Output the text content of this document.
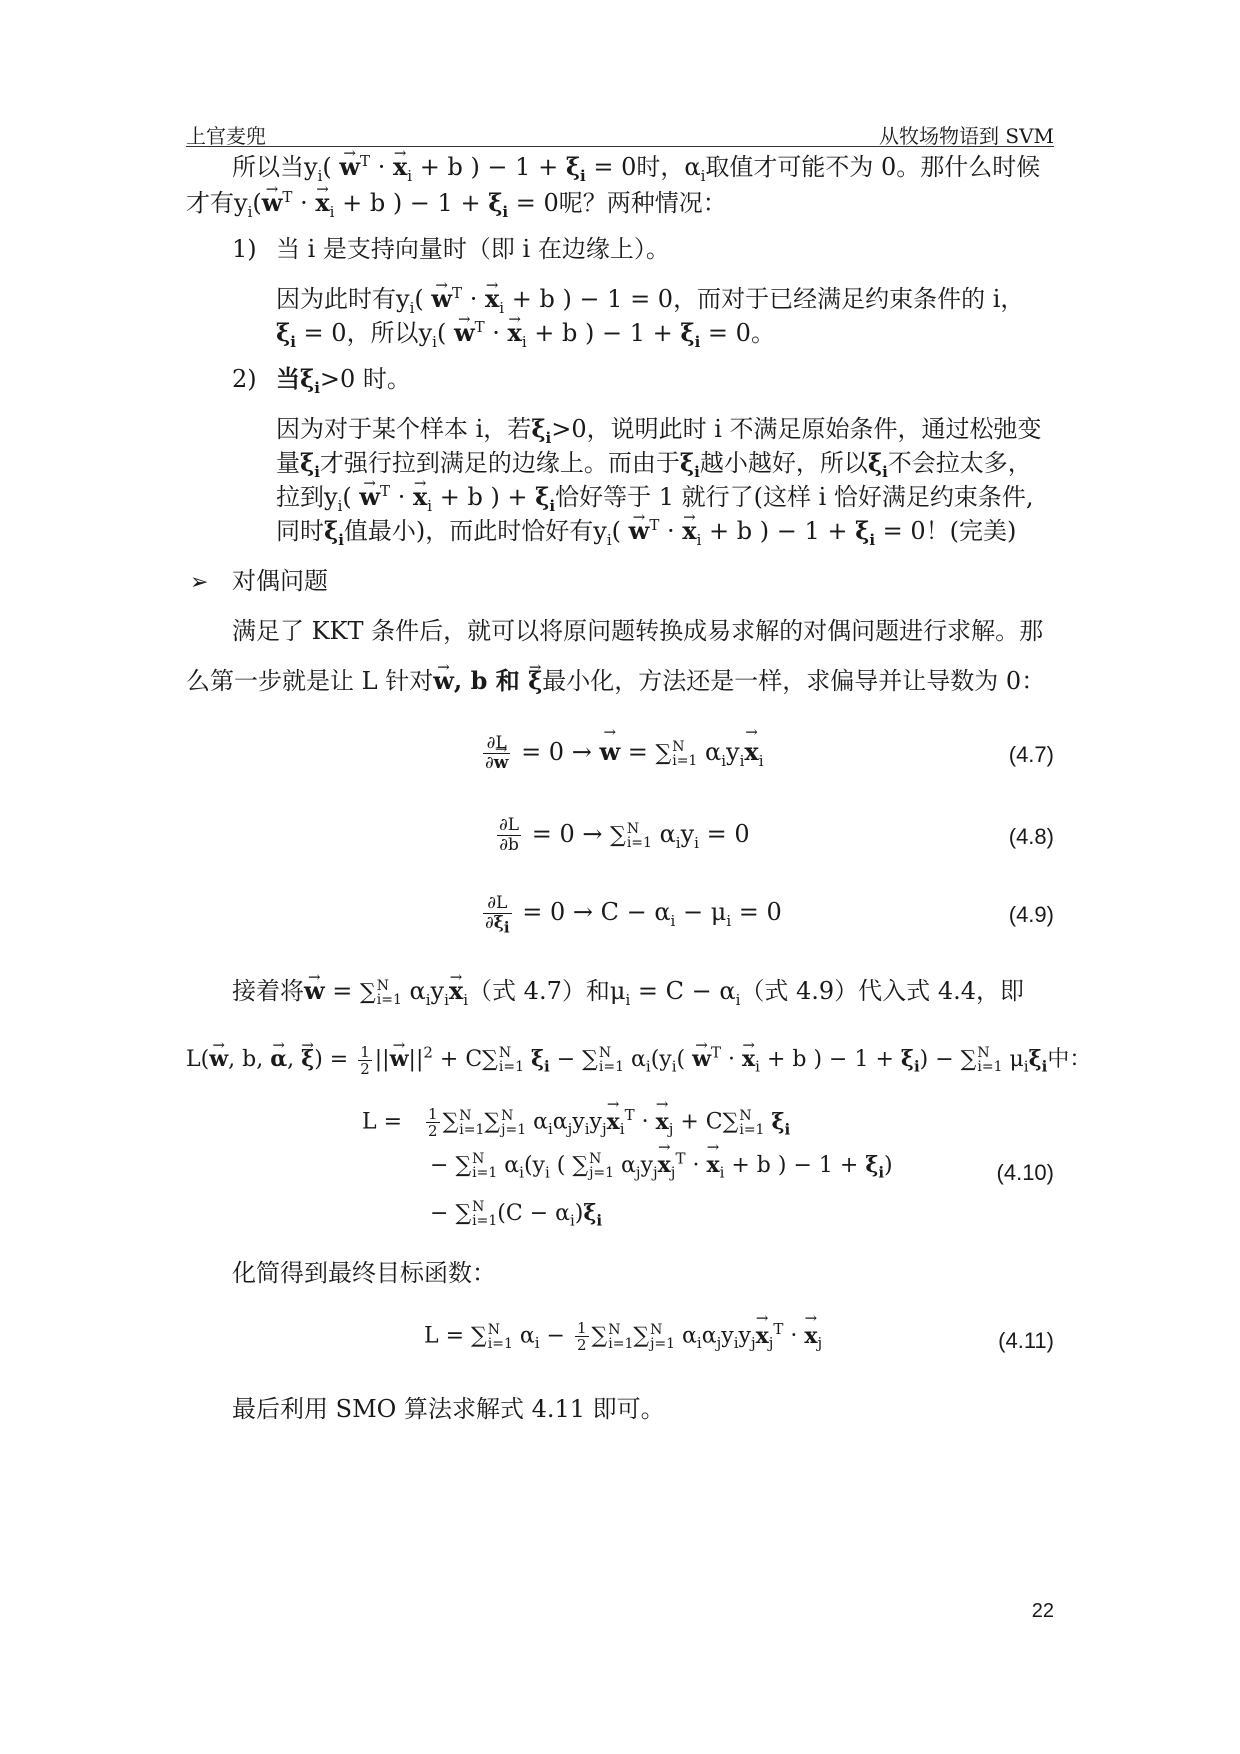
上官麦兜	从牧场物语到 SVM
所以当$y_i( \to w^T$ · → $x_i + b$ ) − $1 + \xi_i = 0$时，$\alpha_i$取值才可能不为 0。那什么时候
才有$y_i(\to w^T$ · → $x_i + b$ ) − $1 + \xi_i = 0$呢？两种情况：
1) 当 i 是支持向量时（即 i 在边缘上）。
因为此时有$y_i( \to w^T$ · → $x_i + b$ ) − 1 = 0，而对于已经满足约束条件的 i，
$\xi_i = 0$，所以$y_i( \to w^T$ · → $x_i + b$ ) − $1 + \xi_i = 0$。
2) 当$\xi_i>0$ 时。
因为对于某个样本 i，若$\xi_i>0$，说明此时 i 不满足原始条件，通过松弛变
量$\xi_i$才强行拉到满足的边缘上。而由于$\xi_i$越小越好，所以$\xi_i$不会拉太多，
拉到$y_i( \to w^T$ · → $x_i + b$ ) + $\xi_i$恰好等于 1 就行了(这样 i 恰好满足约束条件,
同时$\xi_i$值最小)，而此时恰好有$y_i( \to w^T$ · → $x_i + b$ ) − $1 + \xi_i = 0$！(完美)
➢ 对偶问题
满足了 KKT 条件后，就可以将原问题转换成易求解的对偶问题进行求解。那
么第一步就是让 L 针对→ w, b 和 → ξ最小化，方法还是一样，求偏导并让导数为 0：
$\frac{\partial L}{\partial\to w} = 0$ → → w = ∑ N
i=1 $\alpha_iy_i\to x_i$	(4.7)
$\frac{\partial L}{\partial b} = 0$ → ∑ N
i=1 $\alpha_iy_i = 0$	(4.8)
$\frac{\partial L}{\partial\xi_i} = 0 \to C - \alpha_i - \mu_i = 0$	(4.9)
接着将→ w = ∑ N
i=1 $\alpha_iy_i\to x_i$（式 4.7）和$\mu_i = C - \alpha_i$（式 4.9）代入式 4.4，即
L(→ w, b, → α, → $\xi) = \frac{1}{2}$ ||→ $w||^2 + C\sum$ N
i=1 $\xi_i$ − ∑ N
i=1 $\alpha_i(y_i( \to w^T$ · → $x_i + b$ ) − $1 + \xi_i$) − ∑ N
i=1 $\mu_i\xi_i$中：
$L = \frac{1}{2}$ ∑ N
i=1 ∑ N
j=1 $\alpha_i\alpha_jy_iy_j\to x_i^T$ · → $x_j + C\sum$ N
i=1 $\xi_i$
− ∑ N
i=1 $\alpha_i(y_i$ ( ∑ N
j=1 $\alpha_jy_j\to x_j^T$ · → $x_i + b$ ) − $1 + \xi_i$)	(4.10)
− ∑ N
i=1 $(C - \alpha_i)\xi_i$
化简得到最终目标函数：
L = ∑ N
i=1 $\alpha_i - \frac{1}{2}$ ∑ N
i=1 ∑ N
j=1 $\alpha_i\alpha_jy_iy_j\to x_j^T$ · → $x_j$	(4.11)
最后利用 SMO 算法求解式 4.11 即可。
22
